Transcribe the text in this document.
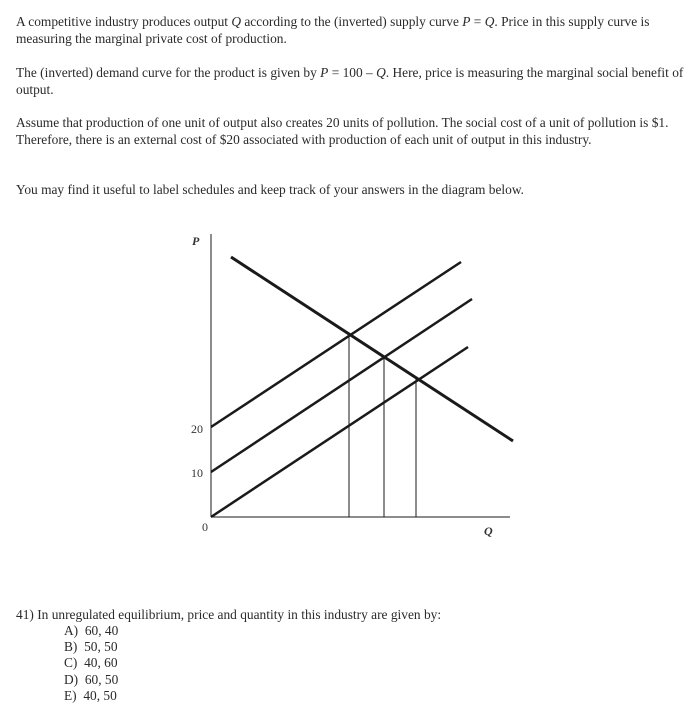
A competitive industry produces output Q according to the (inverted) supply curve P = Q. Price in this supply curve is measuring the marginal private cost of production.

The (inverted) demand curve for the product is given by P = 100 – Q. Here, price is measuring the marginal social benefit of output.

Assume that production of one unit of output also creates 20 units of pollution. The social cost of a unit of pollution is $1. Therefore, there is an external cost of $20 associated with production of each unit of output in this industry.

You may find it useful to label schedules and keep track of your answers in the diagram below.

P
Q
0
20
10
41) In unregulated equilibrium, price and quantity in this industry are given by:
A)  60, 40
B)  50, 50
C)  40, 60
D)  60, 50
E)  40, 50
